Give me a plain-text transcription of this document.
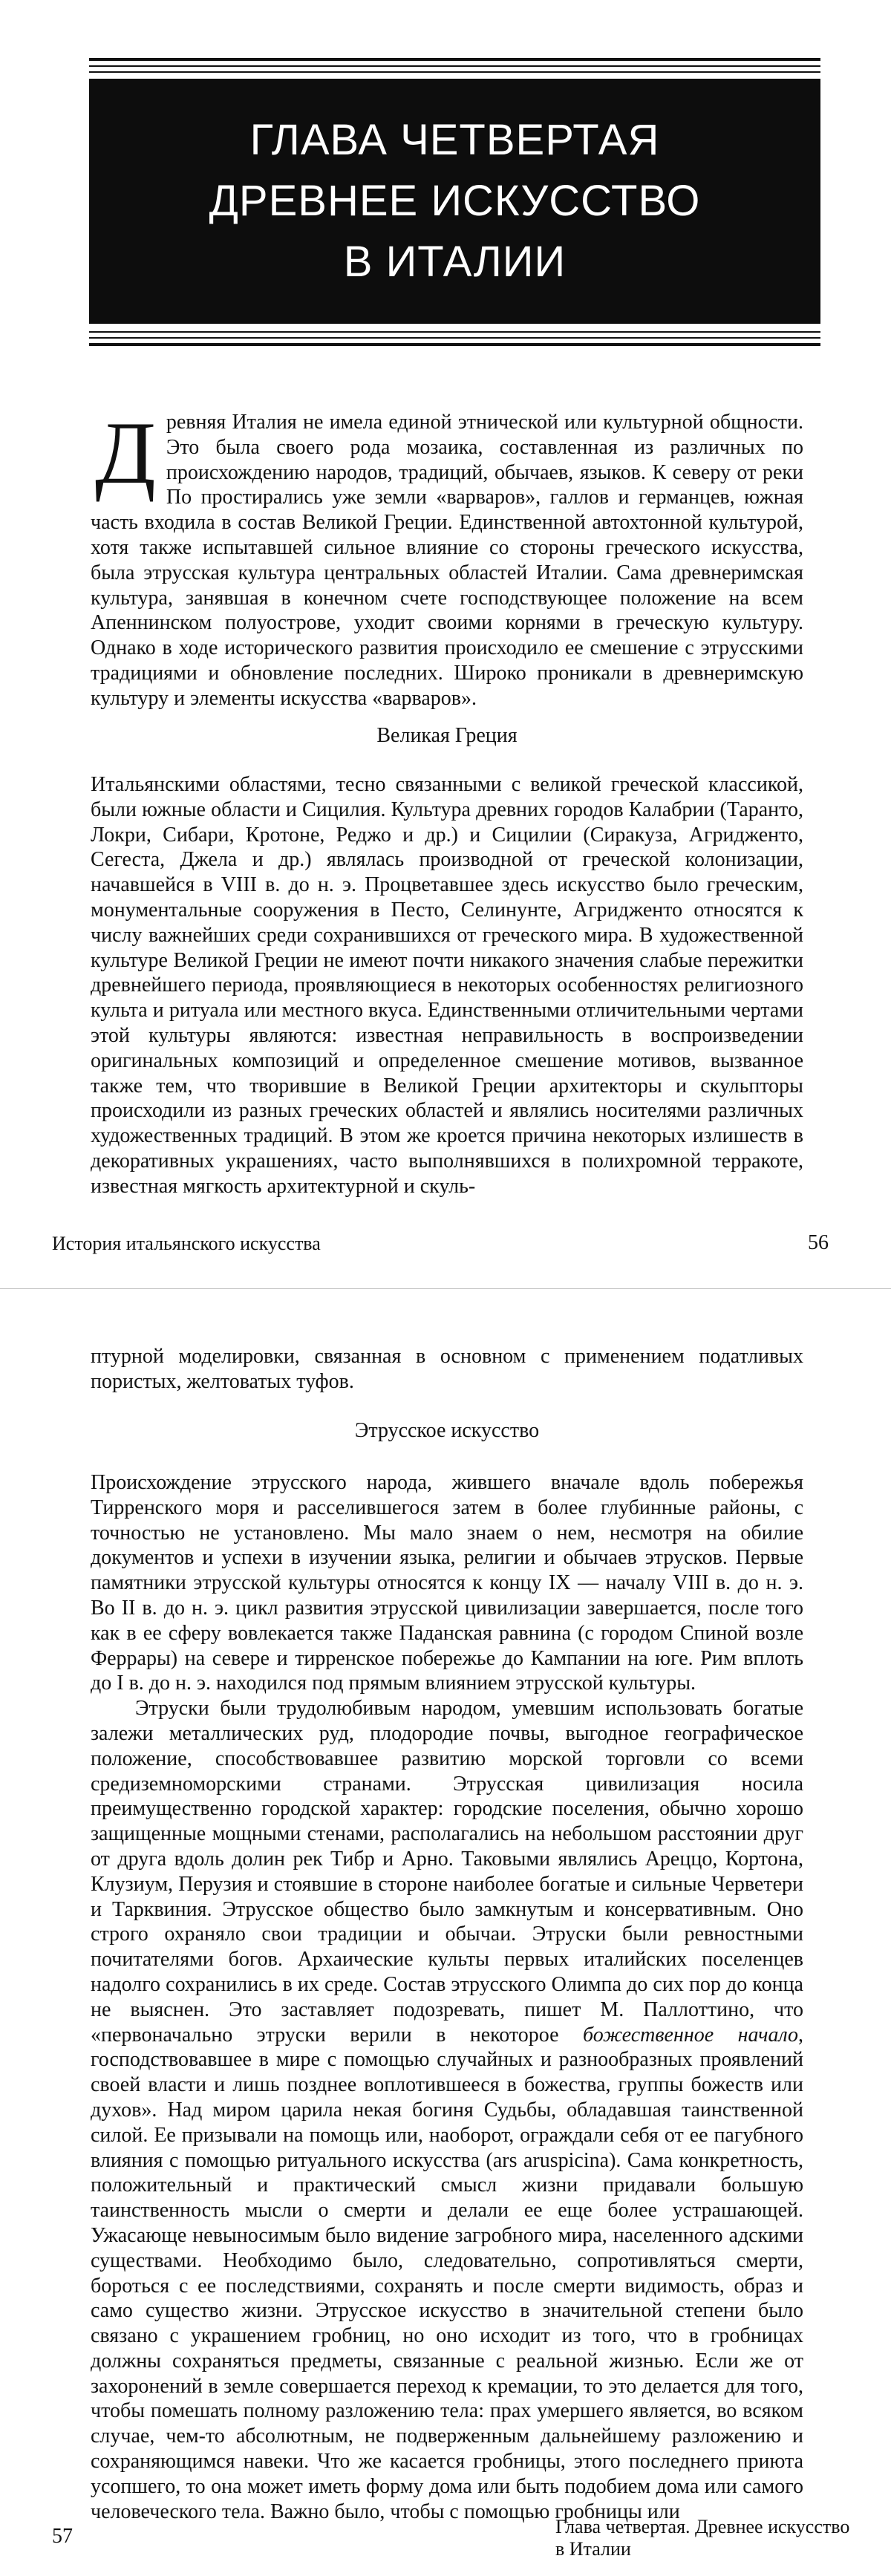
ГЛАВА ЧЕТВЕРТАЯ
ДРЕВНЕЕ ИСКУССТВО
В ИТАЛИИ

Д ревняя Италия не имела единой этнической или культурной общности. Это была своего рода мозаика, составленная из различных по происхождению народов, традиций, обычаев, языков. К северу от реки По простирались уже земли «варваров», галлов и германцев, южная часть входила в состав Великой Греции. Единственной автохтонной культурой, хотя также испытавшей сильное влияние со стороны греческого искусства, была этрусская культура центральных областей Италии. Сама древнеримская культура, занявшая в конечном счете господствующее положение на всем Апеннинском полуострове, уходит своими корнями в греческую культуру. Однако в ходе исторического развития происходило ее смешение с этрусскими традициями и обновление последних. Широко проникали в древнеримскую культуру и элементы искусства «варваров».

Великая Греция

Итальянскими областями, тесно связанными с великой греческой классикой, были южные области и Сицилия. Культура древних городов Калабрии (Таранто, Локри, Сибари, Кротоне, Реджо и др.) и Сицилии (Сиракуза, Агридженто, Сегеста, Джела и др.) являлась производной от греческой колонизации, начавшейся в VIII в. до н. э. Процветавшее здесь искусство было греческим, монументальные сооружения в Песто, Селинунте, Агридженто относятся к числу важнейших среди сохранившихся от греческого мира. В художественной культуре Великой Греции не имеют почти никакого значения слабые пережитки древнейшего периода, проявляющиеся в некоторых особенностях религиозного культа и ритуала или местного вкуса. Единственными отличительными чертами этой культуры являются: известная неправильность в воспроизведении оригинальных композиций и определенное смешение мотивов, вызванное также тем, что творившие в Великой Греции архитекторы и скульпторы происходили из разных греческих областей и являлись носителями различных художественных традиций. В этом же кроется причина некоторых излишеств в декоративных украшениях, часто выполнявшихся в полихромной терракоте, известная мягкость архитектурной и скуль-

История итальянского искусства	56

птурной моделировки, связанная в основном с применением податливых пористых, желтоватых туфов.

Этрусское искусство

Происхождение этрусского народа, жившего вначале вдоль побережья Тирренского моря и расселившегося затем в более глубинные районы, с точностью не установлено. Мы мало знаем о нем, несмотря на обилие документов и успехи в изучении языка, религии и обычаев этрусков. Первые памятники этрусской культуры относятся к концу IX — началу VIII в. до н. э. Во II в. до н. э. цикл развития этрусской цивилизации завершается, после того как в ее сферу вовлекается также Паданская равнина (с городом Спиной возле Феррары) на севере и тирренское побережье до Кампании на юге. Рим вплоть до I в. до н. э. находился под прямым влиянием этрусской культуры.

Этруски были трудолюбивым народом, умевшим использовать богатые залежи металлических руд, плодородие почвы, выгодное географическое положение, способствовавшее развитию морской торговли со всеми средиземноморскими странами. Этрусская цивилизация носила преимущественно городской характер: городские поселения, обычно хорошо защищенные мощными стенами, располагались на небольшом расстоянии друг от друга вдоль долин рек Тибр и Арно. Таковыми являлись Ареццо, Кортона, Клузиум, Перузия и стоявшие в стороне наиболее богатые и сильные Черветери и Тарквиния. Этрусское общество было замкнутым и консервативным. Оно строго охраняло свои традиции и обычаи. Этруски были ревностными почитателями богов. Архаические культы первых италийских поселенцев надолго сохранились в их среде. Состав этрусского Олимпа до сих пор до конца не выяснен. Это заставляет подозревать, пишет М. Паллоттино, что «первоначально этруски верили в некоторое божественное начало, господствовавшее в мире с помощью случайных и разнообразных проявлений своей власти и лишь позднее воплотившееся в божества, группы божеств или духов». Над миром царила некая богиня Судьбы, обладавшая таинственной силой. Ее призывали на помощь или, наоборот, ограждали себя от ее пагубного влияния с помощью ритуального искусства (ars aruspicina). Сама конкретность, положительный и практический смысл жизни придавали большую таинственность мысли о смерти и делали ее еще более устрашающей. Ужасающе невыносимым было видение загробного мира, населенного адскими существами. Необходимо было, следовательно, сопротивляться смерти, бороться с ее последствиями, сохранять и после смерти видимость, образ и само существо жизни. Этрусское искусство в значительной степени было связано с украшением гробниц, но оно исходит из того, что в гробницах должны сохраняться предметы, связанные с реальной жизнью. Если же от захоронений в земле совершается переход к кремации, то это делается для того, чтобы помешать полному разложению тела: прах умершего является, во всяком случае, чем-то абсолютным, не подверженным дальнейшему разложению и сохраняющимся навеки. Что же касается гробницы, этого последнего приюта усопшего, то она может иметь форму дома или быть подобием дома или самого человеческого тела. Важно было, чтобы с помощью гробницы или

57	Глава четвертая. Древнее искусство
в Италии
